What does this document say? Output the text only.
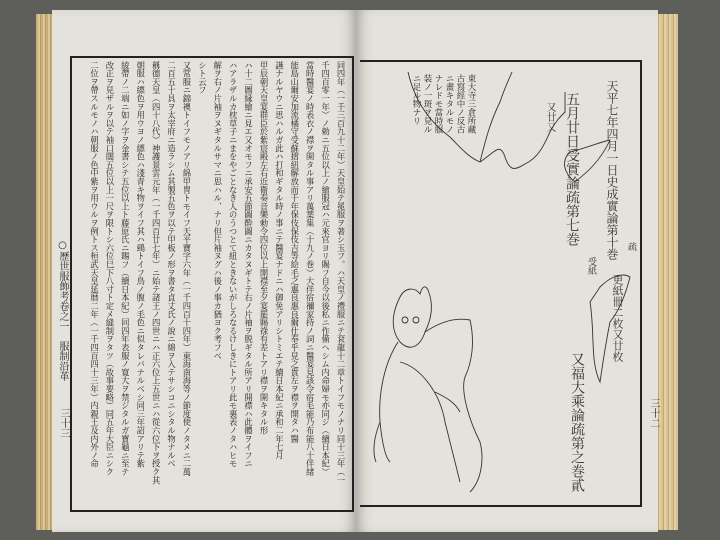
○歷世服飾考卷之一　服制沿革
三十三	同四年（一千三百九十二年）天皇始テ冕服ヲ著シ玉フ。ハ天皇ノ禮服ニテ袞龍十二章トイフモノナリ同十三年（一
千四百零一年）ノ勅ニ五位以上ノ繪服冠ハ元來官ヨリ賜フ自今以後私ニ作備ヘシム内命婦モ亦同ジ（續日本紀）
當時醫宴ノ時表衣ノ襟ヲ開タル事アリ萬葉集（十九ノ巻）大伴宿禰家持ノ詞ニ醫宴見該令宿毛能乃布能八十伴緒
能島山爾安加流橘守受蘇摺紐解放而千年保伎保伎吉等絵毛之惠良惠良爾仕奉乎見之貴左ヲ襟ヲ開タハ醫
讌ナルヤウニ思ハルガ此ハ打和ギタル時ノ事ニテ醫宴ナドニハ御免アリシトミエテ續日本紀ニ承和二年七月
甲辰朝天皇宴群臣於紫宸殿左右近衛奏音樂勅令四位以上開襟至夕宴罷賜祿有差トアリ襟ヲ開キタル形
ハ十二圖縁繪ニ見エ又オモフニ承安五節圖酔圖ニカタヌギトテ右ノ片袖ヲ脱ギタル所アリ開襟ハ此體ヲイフニ
ハアラザルカ枕草子ニまをやごとなき人のうつとて紐ときないがしろなるけしきにトアリ此モ裏表ノタハヒモ
解ヲ右ノ片袖ヲヌギタルサマニ思ハル、ナリ但片袖ヌグハ後ノ事カ猶ヨク考フベ
シト云フ
又常服ニ錦襖トイフモノアリ綿甲冑トモイフ天平寶字六年（一千四百十四年）東海南海等ノ節度使ノタメニ二萬
二百五十具ヲ太宰府ニ造ラシム其製五色ヲ以テ甲板ノ形ヲ書タ貞丈氏ノ說ニ綿ヲ入テサシコニシタル物ナルベ
稱德天皇（四十八代）神護景雲元年（一千四百廿七年）ニ始テ諸王ノ四世ニハ正六位上五世ニハ從六位下ヲ授ク其
朝服ハ縹色ヲ用ウヨノ縹色ハ淺青キ物ヲイフ其ハ鵐トイフ鳥ノ腹ノ毛色ニ似タレバナルベシ同三年詔アリテ紫
綾帶ノ二端ニ如ノ字ヲ金書シテ五位以上ト藤原氏ニ賜フ（續日本紀）同四年表服ノ寛大ヲ禁ジタルガ寶龜ニ至テ
改正ヲ見ザルヲ以テ袖口闊五位以上一尺ヲ限トシ六位巳下八寸ト定メ縫制ヲタツ（故事要略）同五年大臣ニシク
二位ヲ帶スルモノハ朝服ノ色中紫ヲ用ウルヲ例トス桓武天皇延暦二年（一千四百四十三年）内親王及内外ノ命	三十二
東大寺三倉所藏
古寫經中ノ反古
ニ畫キタルモノ
ナレドモ當時服
装ノ一斑ヲ見ル
ニ足ル物ナリ	天平七年四月一日史成實論第十巻
五月廿日受實論疏第七巻
又廿又
疏
更紙卌二枚又廿枚
受紙
又福大乘論疏第之巻貳
